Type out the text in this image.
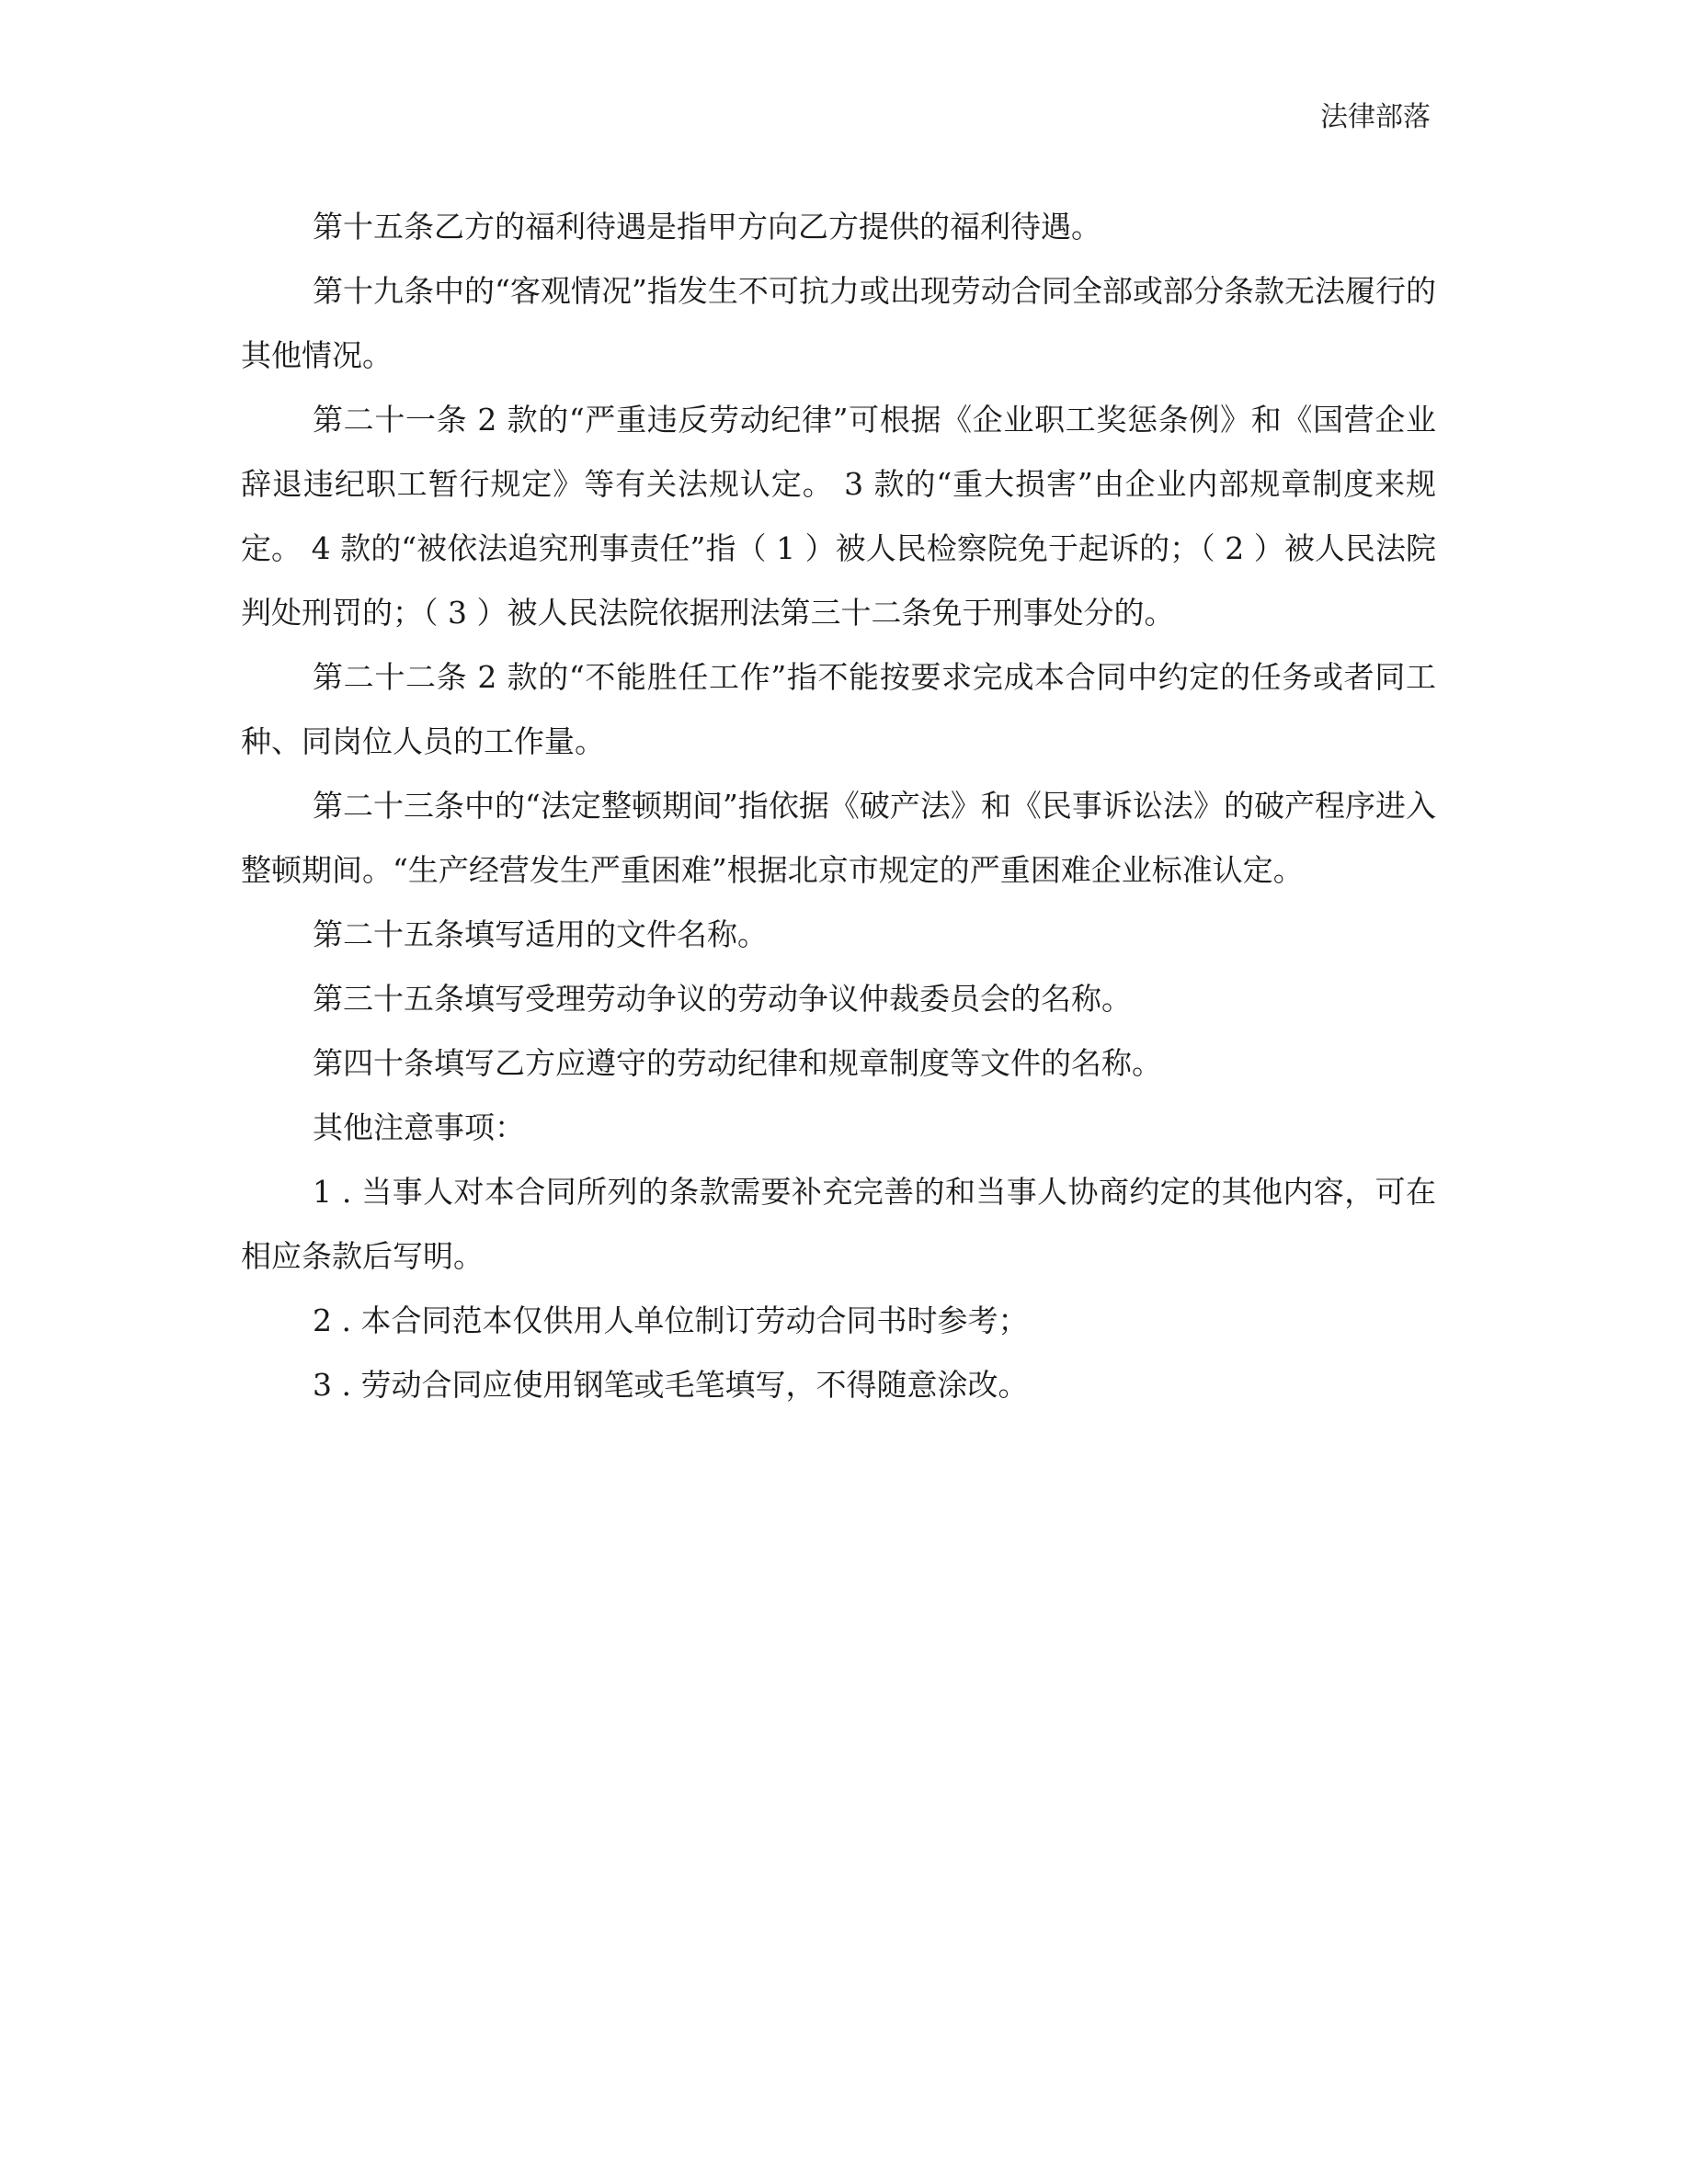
法律部落

第十五条乙方的福利待遇是指甲方向乙方提供的福利待遇。

第十九条中的“客观情况”指发生不可抗力或出现劳动合同全部或部分条款无法履行的其他情况。

第二十一条 2 款的“严重违反劳动纪律”可根据《企业职工奖惩条例》和《国营企业辞退违纪职工暂行规定》等有关法规认定。 3 款的“重大损害”由企业内部规章制度来规定。 4 款的“被依法追究刑事责任”指（ 1 ）被人民检察院免于起诉的；（ 2 ）被人民法院判处刑罚的；（ 3 ）被人民法院依据刑法第三十二条免于刑事处分的。

第二十二条 2 款的“不能胜任工作”指不能按要求完成本合同中约定的任务或者同工种、同岗位人员的工作量。

第二十三条中的“法定整顿期间”指依据《破产法》和《民事诉讼法》的破产程序进入整顿期间。“生产经营发生严重困难”根据北京市规定的严重困难企业标准认定。

第二十五条填写适用的文件名称。

第三十五条填写受理劳动争议的劳动争议仲裁委员会的名称。

第四十条填写乙方应遵守的劳动纪律和规章制度等文件的名称。

其他注意事项：

1 . 当事人对本合同所列的条款需要补充完善的和当事人协商约定的其他内容，可在相应条款后写明。

2 . 本合同范本仅供用人单位制订劳动合同书时参考；

3 . 劳动合同应使用钢笔或毛笔填写，不得随意涂改。
